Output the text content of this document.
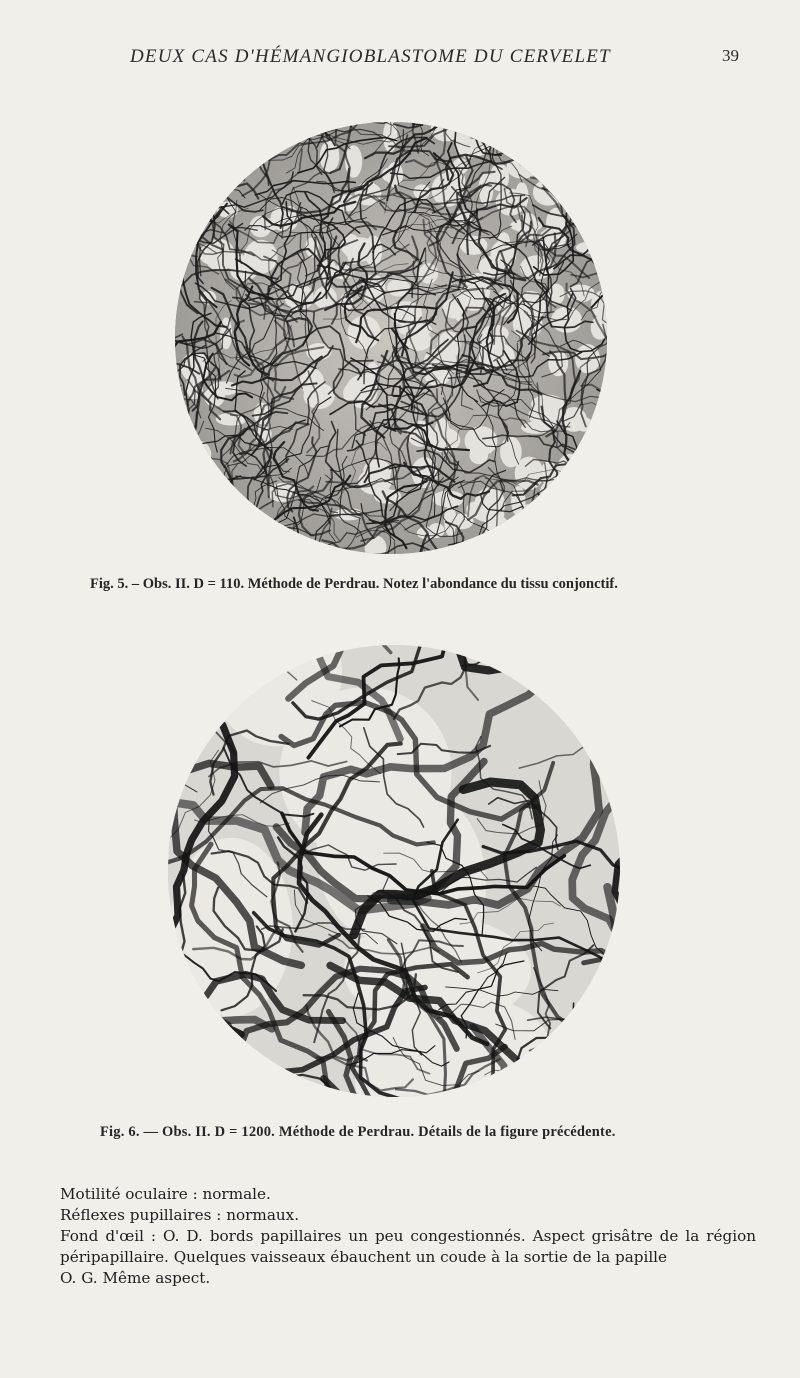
DEUX CAS D'HÉMANGIOBLASTOME DU CERVELET	39
Fig. 5. – Obs. II. D = 110. Méthode de Perdrau. Notez l'abondance du tissu conjonctif.
Fig. 6. — Obs. II. D = 1200. Méthode de Perdrau. Détails de la figure précédente.

Motilité oculaire : normale.

Réflexes pupillaires : normaux.

Fond d'œil : O. D. bords papillaires un peu congestionnés. Aspect grisâtre de la région péripapillaire. Quelques vaisseaux ébauchent un coude à la sortie de la papille

O. G. Même aspect.
